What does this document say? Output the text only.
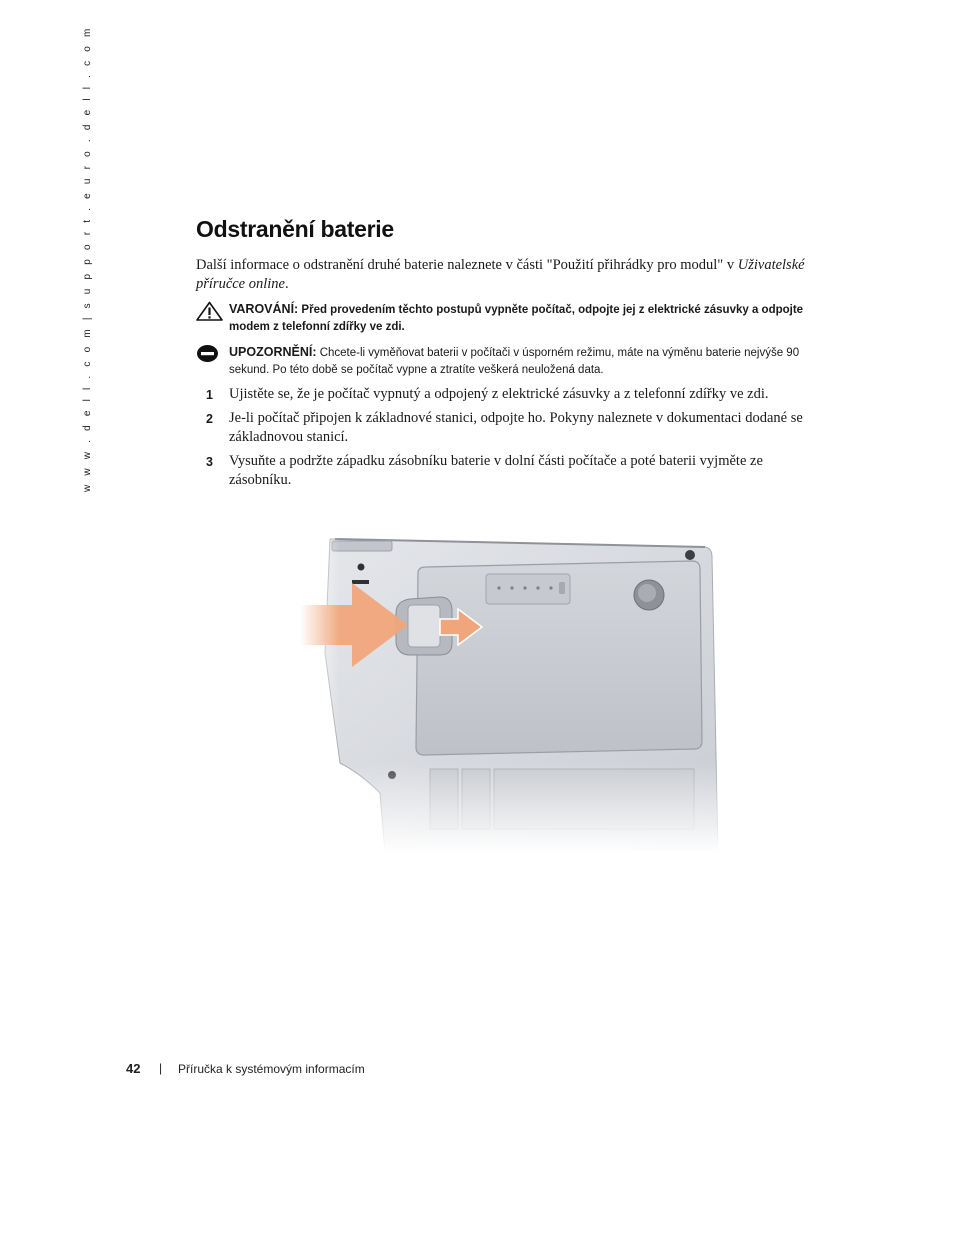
w w w . d e l l . c o m | s u p p o r t . e u r o . d e l l . c o m	Odstranění baterie
Další informace o odstranění druhé baterie naleznete v části "Použití přihrádky pro modul" v Uživatelské příručce online.
VAROVÁNÍ: Před provedením těchto postupů vypněte počítač, odpojte jej z elektrické zásuvky a odpojte modem z telefonní zdířky ve zdi.
UPOZORNĚNÍ: Chcete-li vyměňovat baterii v počítači v úsporném režimu, máte na výměnu baterie nejvýše 90 sekund. Po této době se počítač vypne a ztratíte veškerá neuložená data.
1 Ujistěte se, že je počítač vypnutý a odpojený z elektrické zásuvky a z telefonní zdířky ve zdi.
2 Je-li počítač připojen k základnové stanici, odpojte ho. Pokyny naleznete v dokumentaci dodané se základnovou stanicí.
3 Vysuňte a podržte západku zásobníku baterie v dolní části počítače a poté baterii vyjměte ze zásobníku.
42 | Příručka k systémovým informacím
